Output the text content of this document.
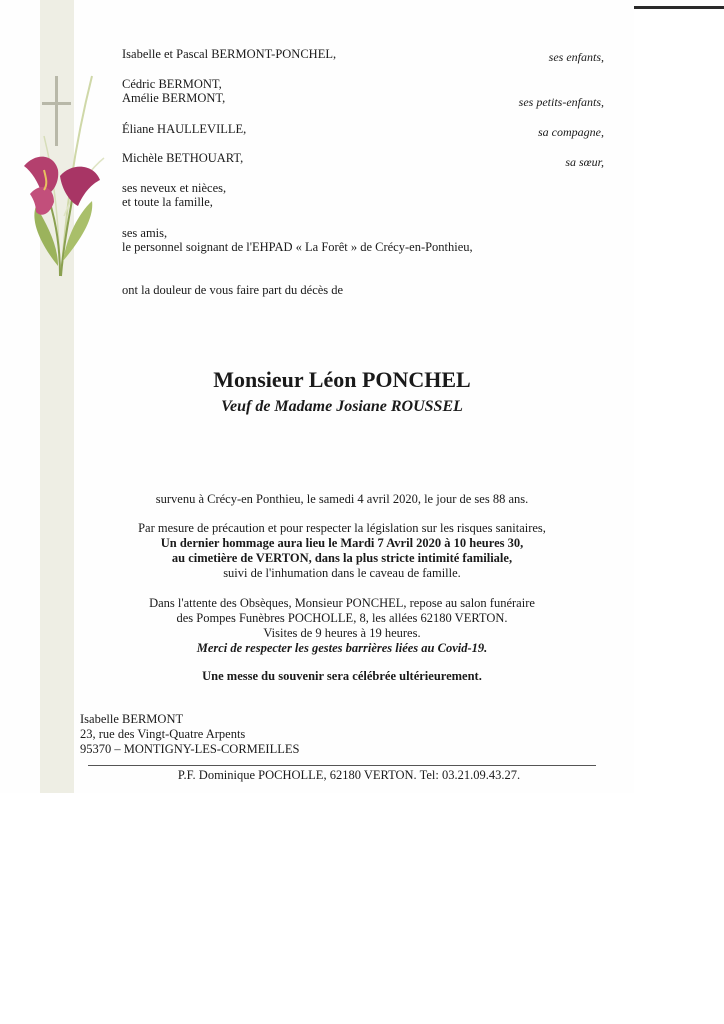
Isabelle et Pascal BERMONT-PONCHEL,	ses enfants,
Cédric BERMONT,
Amélie BERMONT,	ses petits-enfants,
Éliane HAULLEVILLE,	sa compagne,
Michèle BETHOUART,	sa sœur,
ses neveux et nièces,
et toute la famille,
ses amis,
le personnel soignant de l'EHPAD « La Forêt » de Crécy-en-Ponthieu,
ont la douleur de vous faire part du décès de
Monsieur Léon PONCHEL
Veuf de Madame Josiane ROUSSEL
survenu à Crécy-en Ponthieu, le samedi 4 avril 2020, le jour de ses 88 ans.
Par mesure de précaution et pour respecter la législation sur les risques sanitaires,
Un dernier hommage aura lieu le Mardi 7 Avril 2020 à 10 heures 30,
au cimetière de VERTON, dans la plus stricte intimité familiale,
suivi de l'inhumation dans le caveau de famille.
Dans l'attente des Obsèques, Monsieur PONCHEL, repose au salon funéraire
des Pompes Funèbres POCHOLLE, 8, les allées 62180 VERTON.
Visites de 9 heures à 19 heures.
Merci de respecter les gestes barrières liées au Covid-19.
Une messe du souvenir sera célébrée ultérieurement.
Isabelle BERMONT
23, rue des Vingt-Quatre Arpents
95370 – MONTIGNY-LES-CORMEILLES
P.F. Dominique POCHOLLE, 62180 VERTON. Tel: 03.21.09.43.27.
